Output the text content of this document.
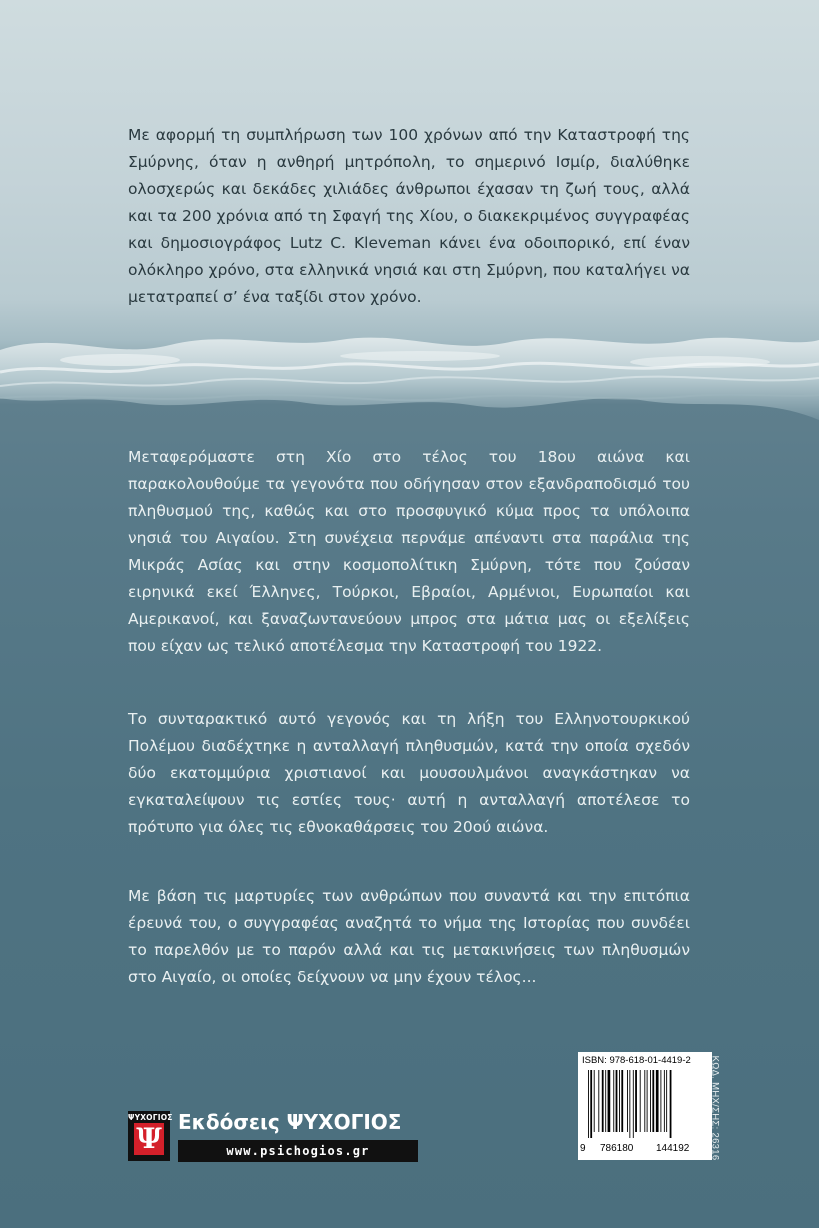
Με αφορμή τη συμπλήρωση των 100 χρόνων από την Καταστροφή της Σμύρνης, όταν η ανθηρή μητρόπολη, το σημερινό Ισμίρ, διαλύθηκε ολοσχερώς και δεκάδες χιλιάδες άνθρωποι έχασαν τη ζωή τους, αλλά και τα 200 χρόνια από τη Σφαγή της Χίου, ο διακεκριμένος συγγραφέας και δημοσιογράφος Lutz C. Kleveman κάνει ένα οδοιπορικό, επί έναν ολόκληρο χρόνο, στα ελληνικά νησιά και στη Σμύρνη, που καταλήγει να μετατραπεί σ’ ένα ταξίδι στον χρόνο.

Μεταφερόμαστε στη Χίο στο τέλος του 18ου αιώνα και παρακολουθούμε τα γεγονότα που οδήγησαν στον εξανδραποδισμό του πληθυσμού της, καθώς και στο προσφυγικό κύμα προς τα υπόλοιπα νησιά του Αιγαίου. Στη συνέχεια περνάμε απέναντι στα παράλια της Μικράς Ασίας και στην κοσμοπολίτικη Σμύρνη, τότε που ζούσαν ειρηνικά εκεί Έλληνες, Τούρκοι, Εβραίοι, Αρμένιοι, Ευρωπαίοι και Αμερικανοί, και ξαναζωντανεύουν μπρος στα μάτια μας οι εξελίξεις που είχαν ως τελικό αποτέλεσμα την Καταστροφή του 1922.

Το συνταρακτικό αυτό γεγονός και τη λήξη του Ελληνοτουρκικού Πολέμου διαδέχτηκε η ανταλλαγή πληθυσμών, κατά την οποία σχεδόν δύο εκατομμύρια χριστιανοί και μουσουλμάνοι αναγκάστηκαν να εγκαταλείψουν τις εστίες τους· αυτή η ανταλλαγή αποτέλεσε το πρότυπο για όλες τις εθνοκαθάρσεις του 20ού αιώνα.

Με βάση τις μαρτυρίες των ανθρώπων που συναντά και την επιτόπια έρευνά του, ο συγγραφέας αναζητά το νήμα της Ιστορίας που συνδέει το παρελθόν με το παρόν αλλά και τις μετακινήσεις των πληθυσμών στο Αιγαίο, οι οποίες δείχνουν να μην έχουν τέλος...

ΨΥΧΟΓΙΟΣ
Ψ Εκδόσεις ΨΥΧΟΓΙΟΣ
www.psichogios.gr
ISBN: 978-618-01-4419-2
9 786180 144192 ΚΩΔ. ΜΗΧ/ΣΗΣ: 26316
